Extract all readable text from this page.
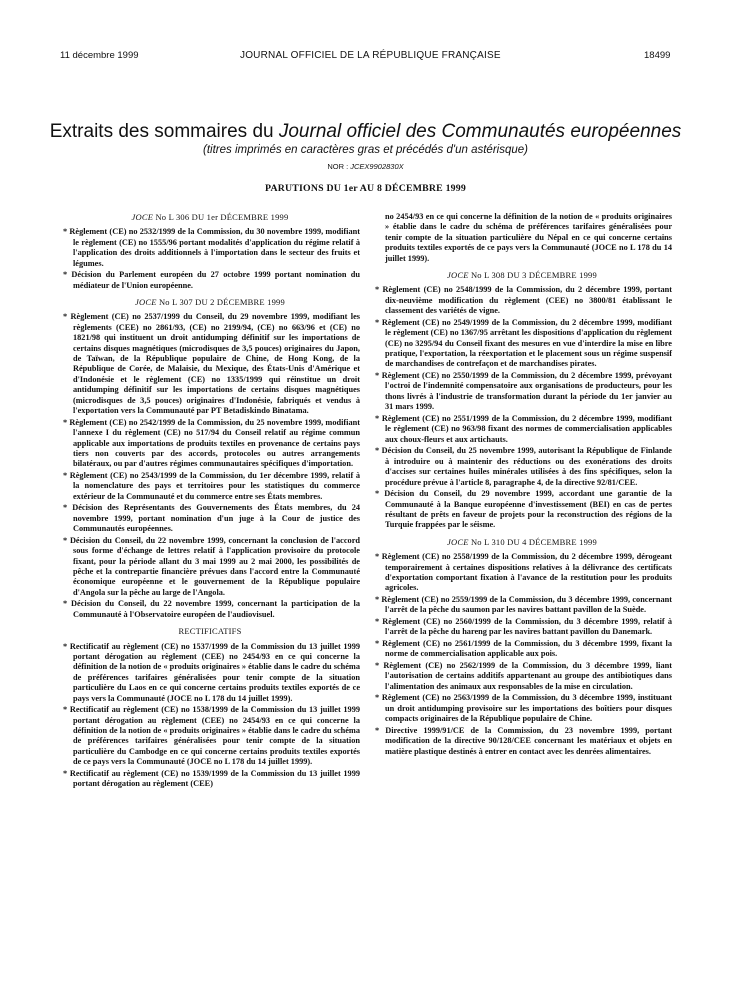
11 décembre 1999	JOURNAL OFFICIEL DE LA RÉPUBLIQUE FRANÇAISE	18499
Extraits des sommaires du Journal officiel des Communautés européennes
(titres imprimés en caractères gras et précédés d'un astérisque)
NOR : JCEX9902830X
PARUTIONS DU 1er AU 8 DÉCEMBRE 1999
JOCE No L 306 DU 1er DÉCEMBRE 1999

* Règlement (CE) no 2532/1999 de la Commission, du 30 novembre 1999, modifiant le règlement (CE) no 1555/96 portant modalités d'application du régime relatif à l'application des droits additionnels à l'importation dans le secteur des fruits et légumes.

* Décision du Parlement européen du 27 octobre 1999 portant nomination du médiateur de l'Union européenne.

JOCE No L 307 DU 2 DÉCEMBRE 1999

* Règlement (CE) no 2537/1999 du Conseil, du 29 novembre 1999, modifiant les règlements (CEE) no 2861/93, (CE) no 2199/94, (CE) no 663/96 et (CE) no 1821/98 qui instituent un droit antidumping définitif sur les importations de certains disques magnétiques (microdisques de 3,5 pouces) originaires du Japon, de Taïwan, de la République populaire de Chine, de Hong Kong, de la République de Corée, de Malaisie, du Mexique, des États-Unis d'Amérique et d'Indonésie et le règlement (CE) no 1335/1999 qui réinstitue un droit antidumping définitif sur les importations de certains disques magnétiques (microdisques de 3,5 pouces) originaires d'Indonésie, fabriqués et vendus à l'exportation vers la Communauté par PT Betadiskindo Binatama.

* Règlement (CE) no 2542/1999 de la Commission, du 25 novembre 1999, modifiant l'annexe I du règlement (CE) no 517/94 du Conseil relatif au régime commun applicable aux importations de produits textiles en provenance de certains pays tiers non couverts par des accords, protocoles ou autres arrangements bilatéraux, ou par d'autres régimes communautaires spécifiques d'importation.

* Règlement (CE) no 2543/1999 de la Commission, du 1er décembre 1999, relatif à la nomenclature des pays et territoires pour les statistiques du commerce extérieur de la Communauté et du commerce entre ses États membres.

* Décision des Représentants des Gouvernements des États membres, du 24 novembre 1999, portant nomination d'un juge à la Cour de justice des Communautés européennes.

* Décision du Conseil, du 22 novembre 1999, concernant la conclusion de l'accord sous forme d'échange de lettres relatif à l'application provisoire du protocole fixant, pour la période allant du 3 mai 1999 au 2 mai 2000, les possibilités de pêche et la contrepartie financière prévues dans l'accord entre la Communauté économique européenne et le gouvernement de la République populaire d'Angola sur la pêche au large de l'Angola.

* Décision du Conseil, du 22 novembre 1999, concernant la participation de la Communauté à l'Observatoire européen de l'audiovisuel.

RECTIFICATIFS

* Rectificatif au règlement (CE) no 1537/1999 de la Commission du 13 juillet 1999 portant dérogation au règlement (CEE) no 2454/93 en ce qui concerne la définition de la notion de « produits originaires » établie dans le cadre du schéma de préférences tarifaires généralisées pour tenir compte de la situation particulière du Laos en ce qui concerne certains produits textiles exportés de ce pays vers la Communauté (JOCE no L 178 du 14 juillet 1999).

* Rectificatif au règlement (CE) no 1538/1999 de la Commission du 13 juillet 1999 portant dérogation au règlement (CEE) no 2454/93 en ce qui concerne la définition de la notion de « produits originaires » établie dans le cadre du schéma de préférences tarifaires généralisées pour tenir compte de la situation particulière du Cambodge en ce qui concerne certains produits textiles exportés de ce pays vers la Communauté (JOCE no L 178 du 14 juillet 1999).

* Rectificatif au règlement (CE) no 1539/1999 de la Commission du 13 juillet 1999 portant dérogation au règlement (CEE)

no 2454/93 en ce qui concerne la définition de la notion de « produits originaires » établie dans le cadre du schéma de préférences tarifaires généralisées pour tenir compte de la situation particulière du Népal en ce qui concerne certains produits textiles exportés de ce pays vers la Communauté (JOCE no L 178 du 14 juillet 1999).

JOCE No L 308 DU 3 DÉCEMBRE 1999

* Règlement (CE) no 2548/1999 de la Commission, du 2 décembre 1999, portant dix-neuvième modification du règlement (CEE) no 3800/81 établissant le classement des variétés de vigne.

* Règlement (CE) no 2549/1999 de la Commission, du 2 décembre 1999, modifiant le règlement (CE) no 1367/95 arrêtant les dispositions d'application du règlement (CE) no 3295/94 du Conseil fixant des mesures en vue d'interdire la mise en libre pratique, l'exportation, la réexportation et le placement sous un régime suspensif de marchandises de contrefaçon et de marchandises pirates.

* Règlement (CE) no 2550/1999 de la Commission, du 2 décembre 1999, prévoyant l'octroi de l'indemnité compensatoire aux organisations de producteurs, pour les thons livrés à l'industrie de transformation durant la période du 1er janvier au 31 mars 1999.

* Règlement (CE) no 2551/1999 de la Commission, du 2 décembre 1999, modifiant le règlement (CE) no 963/98 fixant des normes de commercialisation applicables aux choux-fleurs et aux artichauts.

* Décision du Conseil, du 25 novembre 1999, autorisant la République de Finlande à introduire ou à maintenir des réductions ou des exonérations des droits d'accises sur certaines huiles minérales utilisées à des fins spécifiques, selon la procédure prévue à l'article 8, paragraphe 4, de la directive 92/81/CEE.

* Décision du Conseil, du 29 novembre 1999, accordant une garantie de la Communauté à la Banque européenne d'investissement (BEI) en cas de pertes résultant de prêts en faveur de projets pour la reconstruction des régions de la Turquie frappées par le séisme.

JOCE No L 310 DU 4 DÉCEMBRE 1999

* Règlement (CE) no 2558/1999 de la Commission, du 2 décembre 1999, dérogeant temporairement à certaines dispositions relatives à la délivrance des certificats d'exportation comportant fixation à l'avance de la restitution pour les produits agricoles.

* Règlement (CE) no 2559/1999 de la Commission, du 3 décembre 1999, concernant l'arrêt de la pêche du saumon par les navires battant pavillon de la Suède.

* Règlement (CE) no 2560/1999 de la Commission, du 3 décembre 1999, relatif à l'arrêt de la pêche du hareng par les navires battant pavillon du Danemark.

* Règlement (CE) no 2561/1999 de la Commission, du 3 décembre 1999, fixant la norme de commercialisation applicable aux pois.

* Règlement (CE) no 2562/1999 de la Commission, du 3 décembre 1999, liant l'autorisation de certains additifs appartenant au groupe des antibiotiques dans l'alimentation des animaux aux responsables de la mise en circulation.

* Règlement (CE) no 2563/1999 de la Commission, du 3 décembre 1999, instituant un droit antidumping provisoire sur les importations des boîtiers pour disques compacts originaires de la République populaire de Chine.

* Directive 1999/91/CE de la Commission, du 23 novembre 1999, portant modification de la directive 90/128/CEE concernant les matériaux et objets en matière plastique destinés à entrer en contact avec les denrées alimentaires.
